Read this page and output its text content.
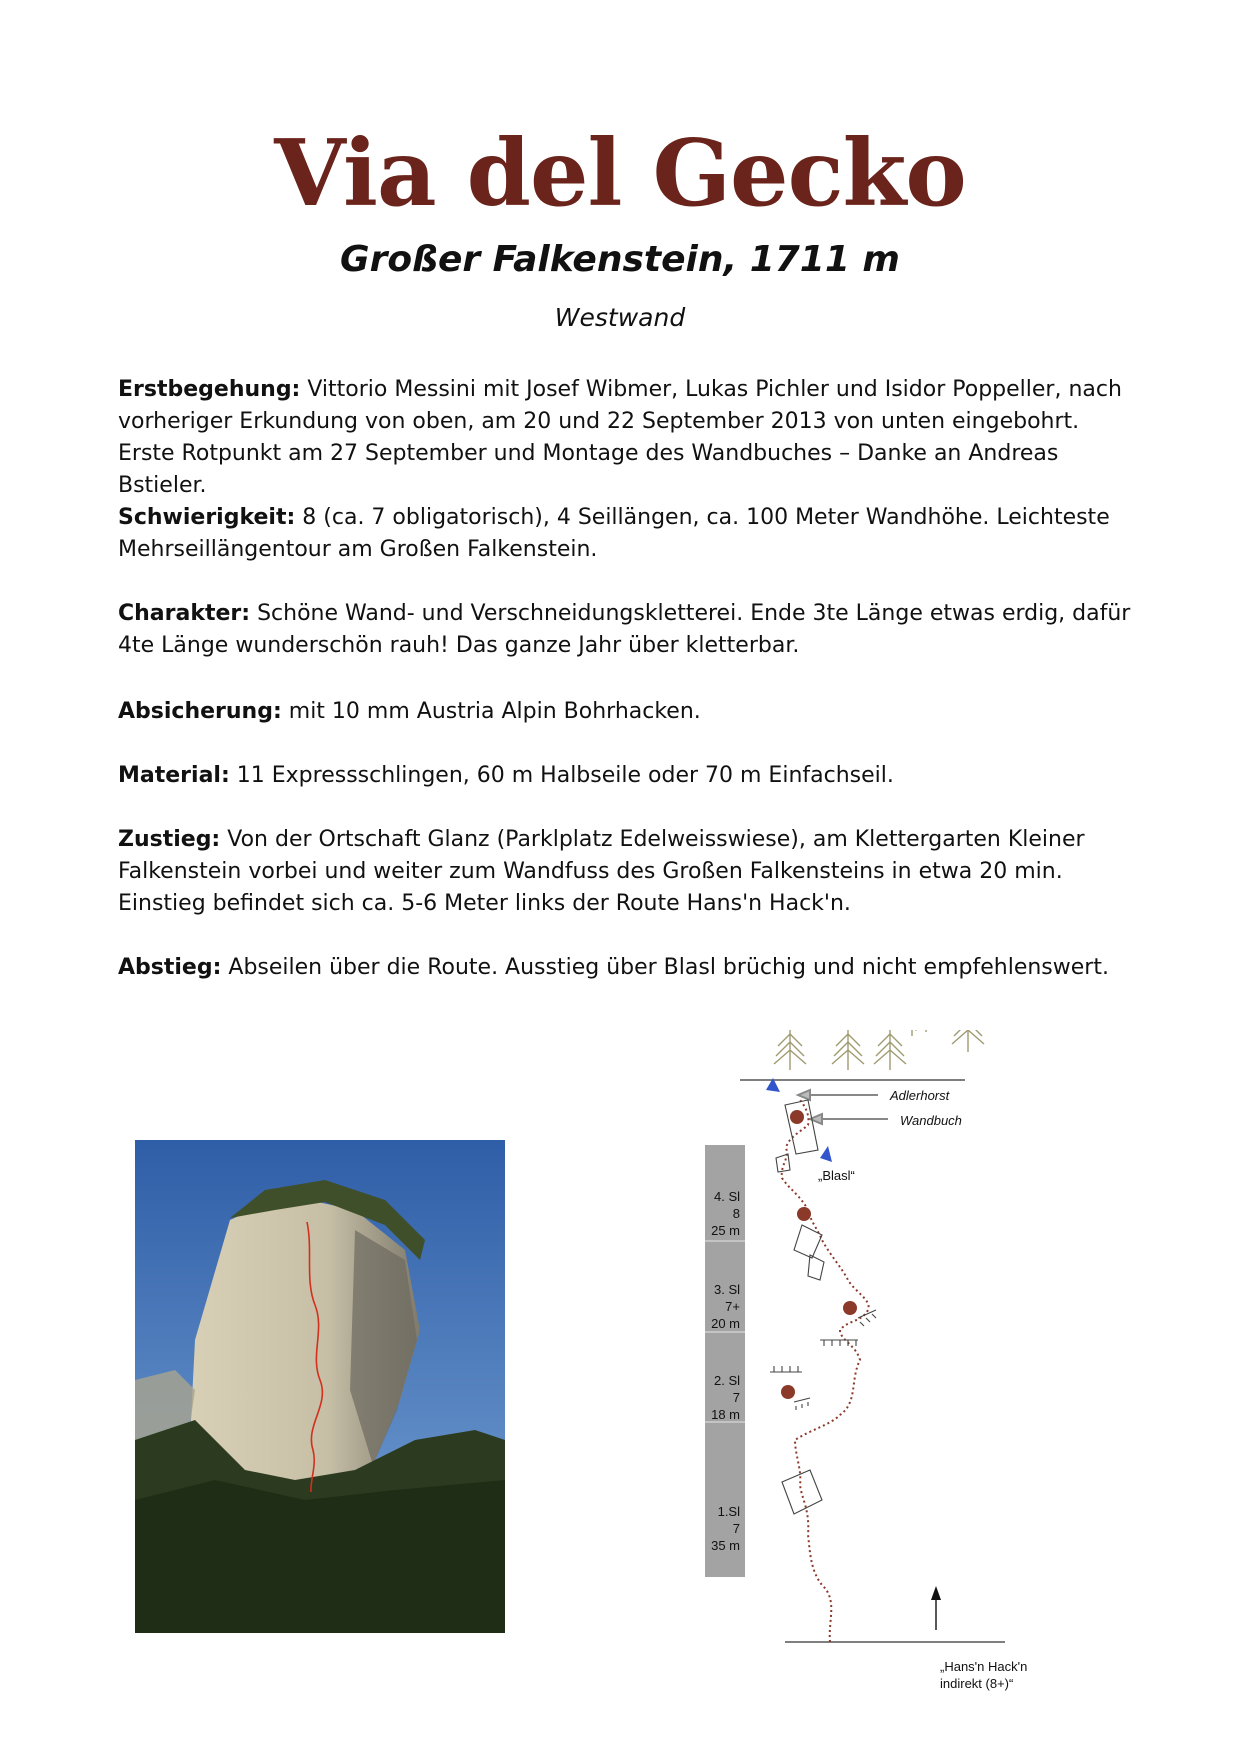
Via del Gecko
Großer Falkenstein, 1711 m
Westwand

Erstbegehung: Vittorio Messini mit Josef Wibmer, Lukas Pichler und Isidor Poppeller, nach vorheriger Erkundung von oben, am 20 und 22 September 2013 von unten eingebohrt. Erste Rotpunkt am 27 September und Montage des Wandbuches – Danke an Andreas Bstieler.

Schwierigkeit: 8 (ca. 7 obligatorisch), 4 Seillängen, ca. 100 Meter Wandhöhe. Leichteste Mehrseillängentour am Großen Falkenstein.

Charakter: Schöne Wand- und Verschneidungskletterei. Ende 3te Länge etwas erdig, dafür 4te Länge wunderschön rauh! Das ganze Jahr über kletterbar.

Absicherung: mit 10 mm Austria Alpin Bohrhacken.

Material: 11 Expressschlingen, 60 m Halbseile oder 70 m Einfachseil.

Zustieg: Von der Ortschaft Glanz (Parklplatz Edelweisswiese), am Klettergarten Kleiner Falkenstein vorbei und weiter zum Wandfuss des Großen Falkensteins in etwa 20 min. Einstieg befindet sich ca. 5-6 Meter links der Route Hans'n Hack'n.

Abstieg: Abseilen über die Route. Ausstieg über Blasl brüchig und nicht empfehlenswert.

Adlerhorst
Wandbuch
„Blasl“
„Hans'n Hack'n
indirekt (8+)“
4. Sl
8
25 m
3. Sl
7+
20 m
2. Sl
7
18 m
1.Sl
7
35 m
